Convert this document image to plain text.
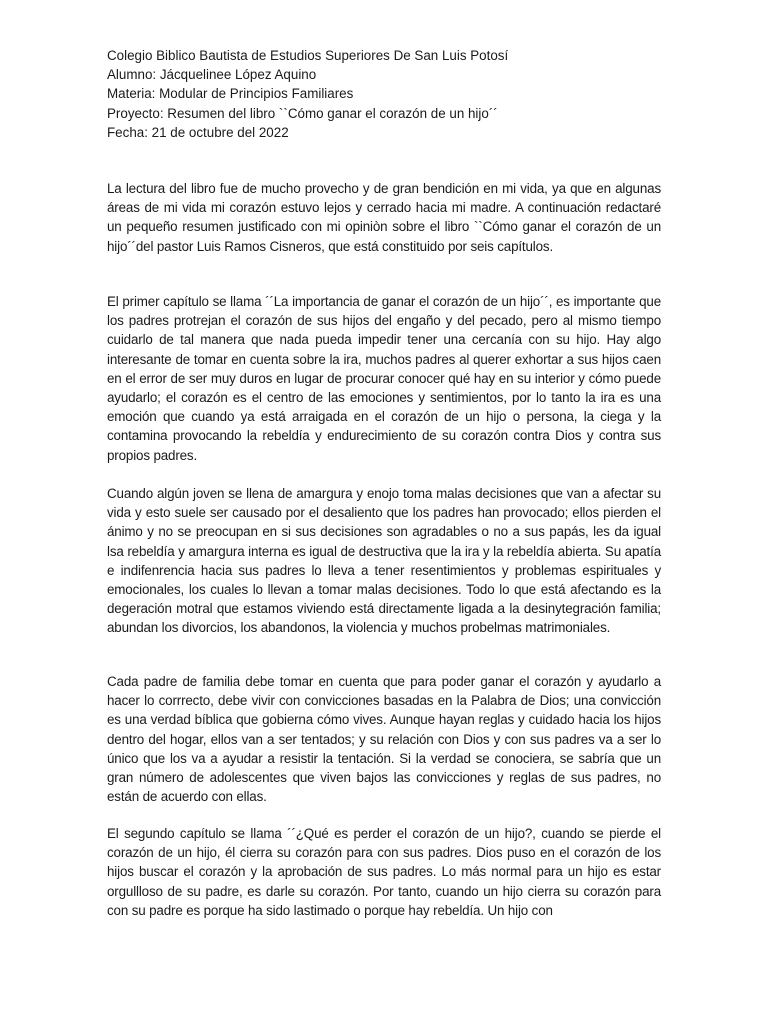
Colegio Biblico Bautista de Estudios Superiores De San Luis Potosí
Alumno: Jácquelinee López Aquino
Materia: Modular de Principios Familiares
Proyecto: Resumen del libro ``Cómo ganar el corazón de un hijo´´
Fecha: 21 de octubre del 2022

La lectura del libro fue de mucho provecho y de gran bendición en mi vida, ya que en algunas áreas de mi vida mi corazón estuvo lejos y cerrado hacia mi madre. A continuación redactaré un pequeño resumen justificado con mi opiniòn sobre el libro ``Cómo ganar el corazón de un hijo´´del pastor Luis Ramos Cisneros, que está constituido por seis capítulos.

El primer capítulo se llama ´´La importancia de ganar el corazón de un hijo´´, es importante que los padres protrejan el corazón de sus hijos del engaño y del pecado, pero al mismo tiempo cuidarlo de tal manera que nada pueda impedir tener una cercanía con su hijo. Hay algo interesante de tomar en cuenta sobre la ira, muchos padres al querer exhortar a sus hijos caen en el error de ser muy duros en lugar de procurar conocer qué hay en su interior y cómo puede ayudarlo; el corazón es el centro de las emociones y sentimientos, por lo tanto la ira es una emoción que cuando ya está arraigada en el corazón de un hijo o persona, la ciega y la contamina provocando la rebeldía y endurecimiento de su corazón contra Dios y contra sus propios padres.

Cuando algún joven se llena de amargura y enojo toma malas decisiones que van a afectar su vida y esto suele ser causado por el desaliento que los padres han provocado; ellos pierden el ánimo y no se preocupan en si sus decisiones son agradables o no a sus papás, les da igual lsa rebeldía y amargura interna es igual de destructiva que la ira y la rebeldía abierta. Su apatía e indifenrencia hacia sus padres lo lleva a tener resentimientos y problemas espirituales y emocionales, los cuales lo llevan a tomar malas decisiones. Todo lo que está afectando es la degeración motral que estamos viviendo está directamente ligada a la desinytegración familia; abundan los divorcios, los abandonos, la violencia y muchos probelmas matrimoniales.

Cada padre de familia debe tomar en cuenta que para poder ganar el corazón y ayudarlo a hacer lo corrrecto, debe vivir con convicciones basadas en la Palabra de Dios; una convicción es una verdad bíblica que gobierna cómo vives. Aunque hayan reglas y cuidado hacia los hijos dentro del hogar, ellos van a ser tentados; y su relación con Dios y con sus padres va a ser lo único que los va a ayudar a resistir la tentación. Si la verdad se conociera, se sabría que un gran número de adolescentes que viven bajos las convicciones y reglas de sus padres, no están de acuerdo con ellas.

El segundo capítulo se llama ´´¿Qué es perder el corazón de un hijo?, cuando se pierde el corazón de un hijo, él cierra su corazón para con sus padres. Dios puso en el corazón de los hijos buscar el corazón y la aprobación de sus padres. Lo más normal para un hijo es estar orgullloso de su padre, es darle su corazón. Por tanto, cuando un hijo cierra su corazón para con su padre es porque ha sido lastimado o porque hay rebeldía. Un hijo con
